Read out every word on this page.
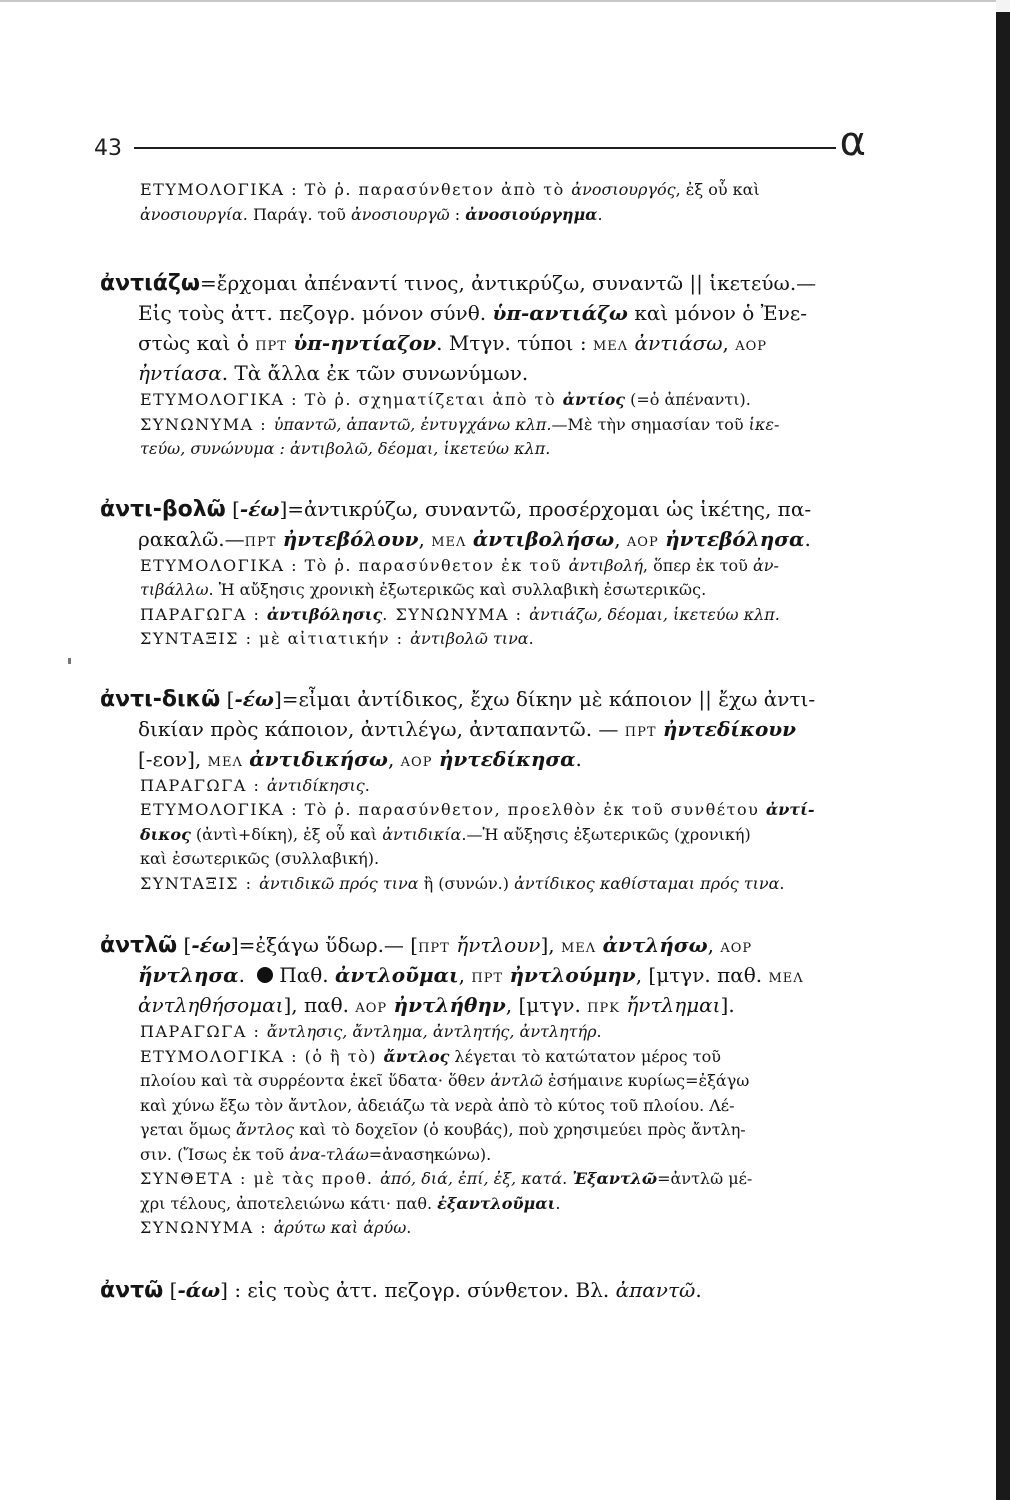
43	α
ΕΤΥΜΟΛΟΓΙΚΑ : Τὸ ῥ. παρασύνθετον ἀπὸ τὸ ἀνοσιουργός, ἐξ οὗ καὶ
ἀνοσιουργία. Παράγ. τοῦ ἀνοσιουργῶ : ἀνοσιούργημα.
ἀντιάζω=ἔρχομαι ἀπέναντί τινος, ἀντικρύζω, συναντῶ || ἱκετεύω.—
Εἰς τοὺς ἀττ. πεζογρ. μόνον σύνθ. ὑπ-αντιάζω καὶ μόνον ὁ Ἐνε-
στὼς καὶ ὁ ΠΡΤ ὑπ-ηντίαζον. Μτγν. τύποι : ΜΕΛ ἀντιάσω, ΑΟΡ
ἠντίασα. Τὰ ἄλλα ἐκ τῶν συνωνύμων.
ΕΤΥΜΟΛΟΓΙΚΑ : Τὸ ῥ. σχηματίζεται ἀπὸ τὸ ἀντίος (=ὁ ἀπέναντι).
ΣΥΝΩΝΥΜΑ : ὑπαντῶ, ἀπαντῶ, ἐντυγχάνω κλπ.—Μὲ τὴν σημασίαν τοῦ ἱκε-
τεύω, συνώνυμα : ἀντιβολῶ, δέομαι, ἱκετεύω κλπ.
ἀντι-βολῶ [-έω]=ἀντικρύζω, συναντῶ, προσέρχομαι ὡς ἱκέτης, πα-
ρακαλῶ.—ΠΡΤ ἠντεβόλουν, ΜΕΛ ἀντιβολήσω, ΑΟΡ ἠντεβόλησα.
ΕΤΥΜΟΛΟΓΙΚΑ : Τὸ ῥ. παρασύνθετον ἐκ τοῦ ἀντιβολή, ὅπερ ἐκ τοῦ ἀν-
τιβάλλω. Ἡ αὔξησις χρονικὴ ἐξωτερικῶς καὶ συλλαβικὴ ἐσωτερικῶς.
ΠΑΡΑΓΩΓΑ : ἀντιβόλησις. ΣΥΝΩΝΥΜΑ : ἀντιάζω, δέομαι, ἱκετεύω κλπ.
ΣΥΝΤΑΞΙΣ : μὲ αἰτιατικήν : ἀντιβολῶ τινα.
ἀντι-δικῶ [-έω]=εἶμαι ἀντίδικος, ἔχω δίκην μὲ κάποιον || ἔχω ἀντι-
δικίαν πρὸς κάποιον, ἀντιλέγω, ἀνταπαντῶ. — ΠΡΤ ἠντεδίκουν
[-εον], ΜΕΛ ἀντιδικήσω, ΑΟΡ ἠντεδίκησα.
ΠΑΡΑΓΩΓΑ : ἀντιδίκησις.
ΕΤΥΜΟΛΟΓΙΚΑ : Τὸ ῥ. παρασύνθετον, προελθὸν ἐκ τοῦ συνθέτου ἀντί-
δικος (ἀντὶ+δίκη), ἐξ οὗ καὶ ἀντιδικία.—Ἡ αὔξησις ἐξωτερικῶς (χρονική)
καὶ ἐσωτερικῶς (συλλαβική).
ΣΥΝΤΑΞΙΣ : ἀντιδικῶ πρός τινα ἢ (συνών.) ἀντίδικος καθίσταμαι πρός τινα.
ἀντλῶ [-έω]=ἐξάγω ὕδωρ.— [ΠΡΤ ἤντλουν], ΜΕΛ ἀντλήσω, ΑΟΡ
ἤντλησα. Παθ. ἀντλοῦμαι, ΠΡΤ ἠντλούμην, [μτγν. παθ. ΜΕΛ
ἀντληθήσομαι], παθ. ΑΟΡ ἠντλήθην, [μτγν. ΠΡΚ ἤντλημαι].
ΠΑΡΑΓΩΓΑ : ἄντλησις, ἄντλημα, ἀντλητής, ἀντλητήρ.
ΕΤΥΜΟΛΟΓΙΚΑ : (ὁ ἢ τὸ) ἄντλος λέγεται τὸ κατώτατον μέρος τοῦ
πλοίου καὶ τὰ συρρέοντα ἐκεῖ ὕδατα· ὅθεν ἀντλῶ ἐσήμαινε κυρίως=ἐξάγω
καὶ χύνω ἔξω τὸν ἄντλον, ἀδειάζω τὰ νερὰ ἀπὸ τὸ κύτος τοῦ πλοίου. Λέ-
γεται ὅμως ἄντλος καὶ τὸ δοχεῖον (ὁ κουβάς), ποὺ χρησιμεύει πρὸς ἄντλη-
σιν. (Ἴσως ἐκ τοῦ ἀνα-τλάω=ἀνασηκώνω).
ΣΥΝΘΕΤΑ : μὲ τὰς προθ. ἀπό, διά, ἐπί, ἐξ, κατά. Ἐξαντλῶ=ἀντλῶ μέ-
χρι τέλους, ἀποτελειώνω κάτι· παθ. ἐξαντλοῦμαι.
ΣΥΝΩΝΥΜΑ : ἀρύτω καὶ ἀρύω.
ἀντῶ [-άω] : εἰς τοὺς ἀττ. πεζογρ. σύνθετον. Βλ. ἀπαντῶ.
